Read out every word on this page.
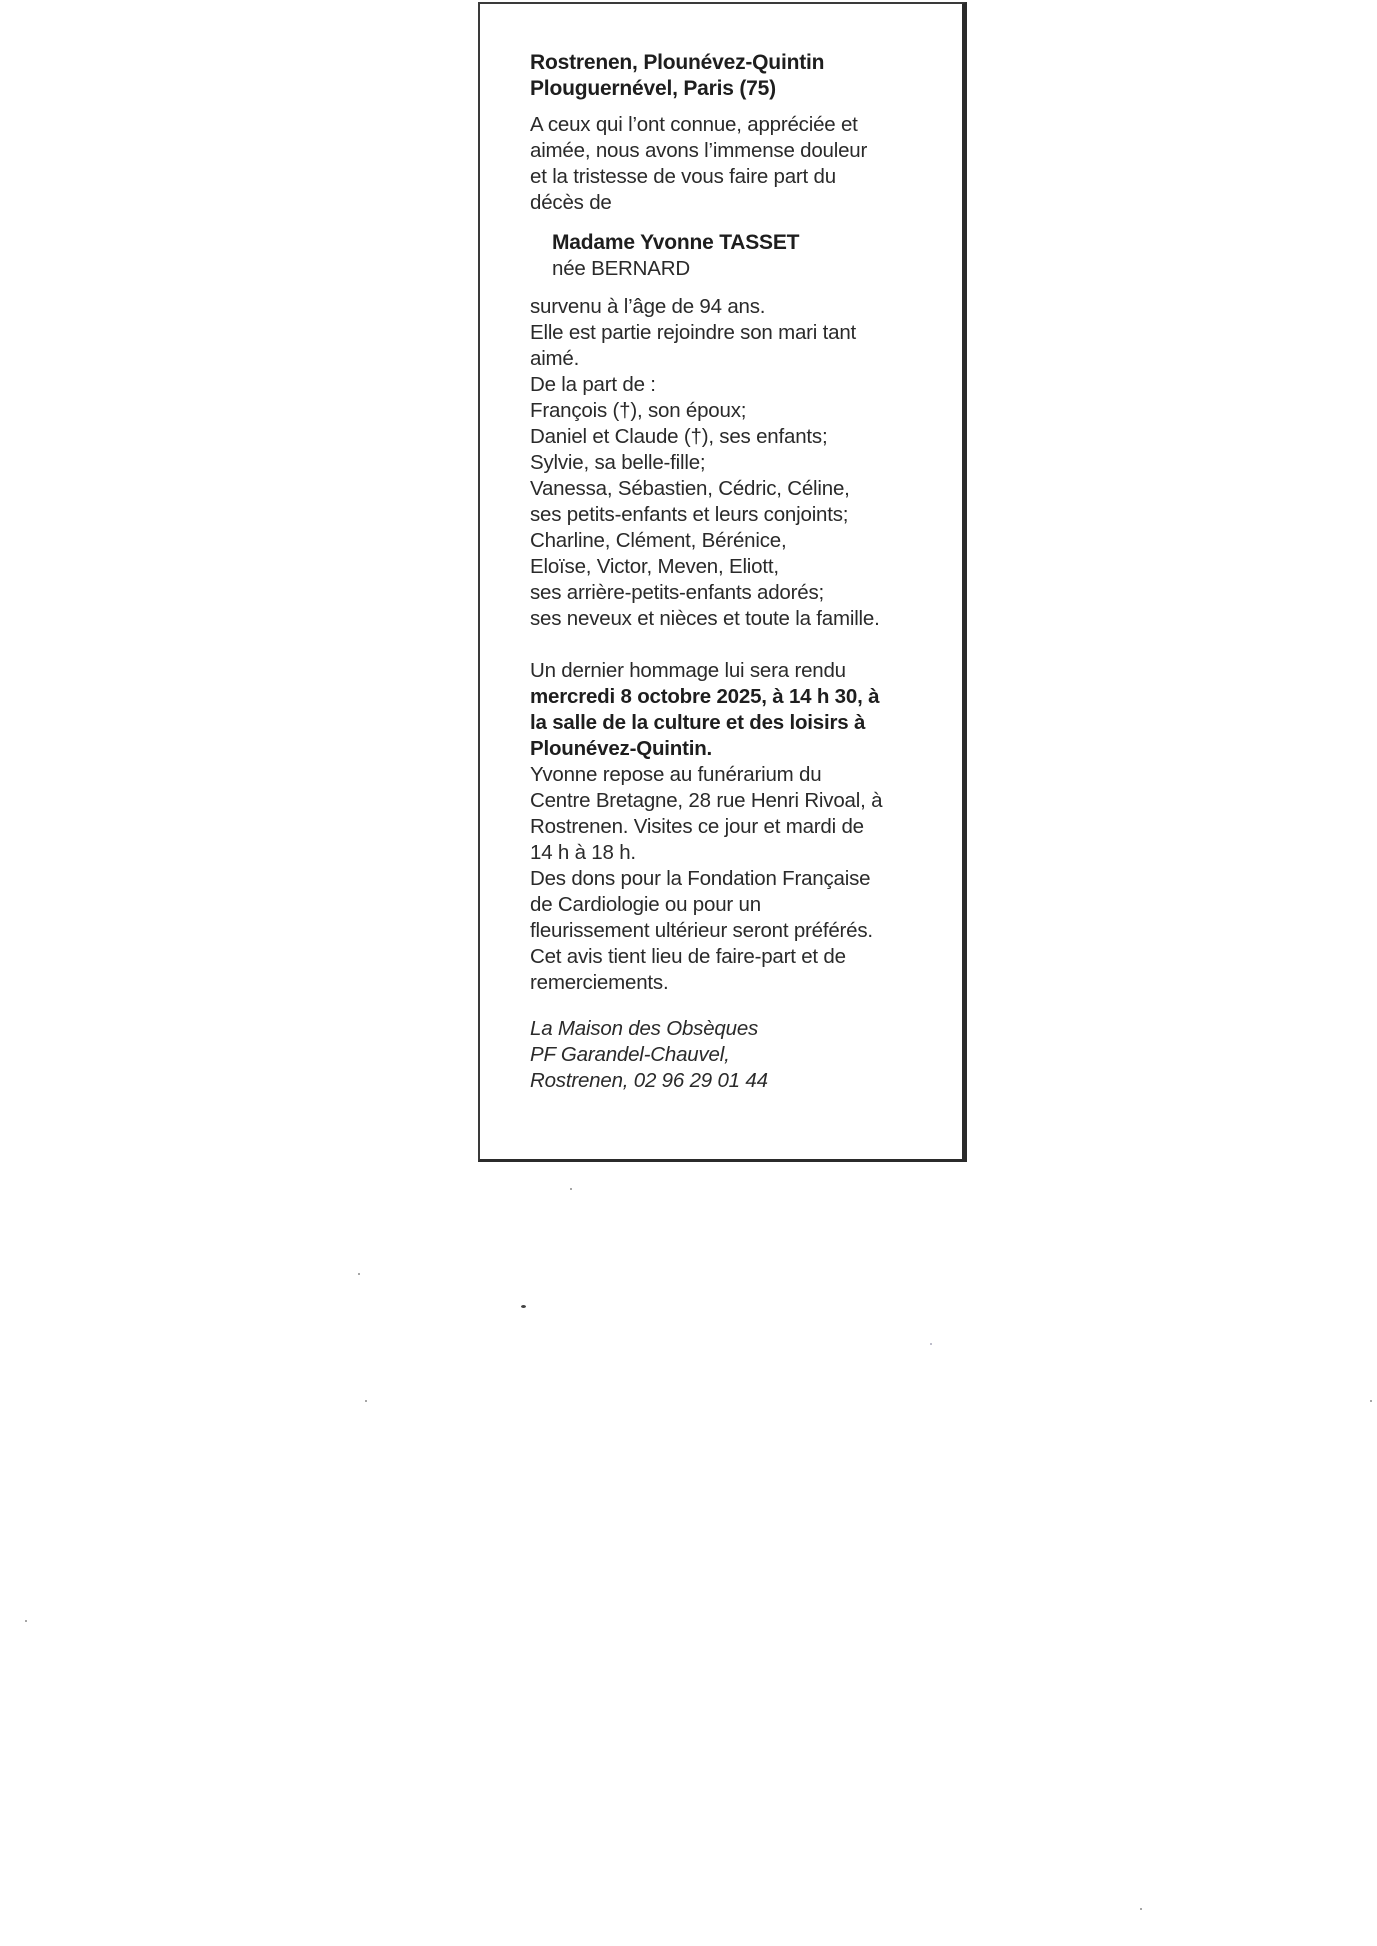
Rostrenen, Plounévez-Quintin
Plouguernével, Paris (75)
A ceux qui l’ont connue, appréciée et
aimée, nous avons l’immense douleur
et la tristesse de vous faire part du
décès de
Madame Yvonne TASSET
née BERNARD
survenu à l’âge de 94 ans.
Elle est partie rejoindre son mari tant
aimé.
De la part de :
François (†), son époux;
Daniel et Claude (†), ses enfants;
Sylvie, sa belle-fille;
Vanessa, Sébastien, Cédric, Céline,
ses petits-enfants et leurs conjoints;
Charline, Clément, Bérénice,
Eloïse, Victor, Meven, Eliott,
ses arrière-petits-enfants adorés;
ses neveux et nièces et toute la famille.
Un dernier hommage lui sera rendu
mercredi 8 octobre 2025, à 14 h 30, à
la salle de la culture et des loisirs à
Plounévez-Quintin.
Yvonne repose au funérarium du
Centre Bretagne, 28 rue Henri Rivoal, à
Rostrenen. Visites ce jour et mardi de
14 h à 18 h.
Des dons pour la Fondation Française
de Cardiologie ou pour un
fleurissement ultérieur seront préférés.
Cet avis tient lieu de faire-part et de
remerciements.
La Maison des Obsèques
PF Garandel-Chauvel,
Rostrenen, 02 96 29 01 44
